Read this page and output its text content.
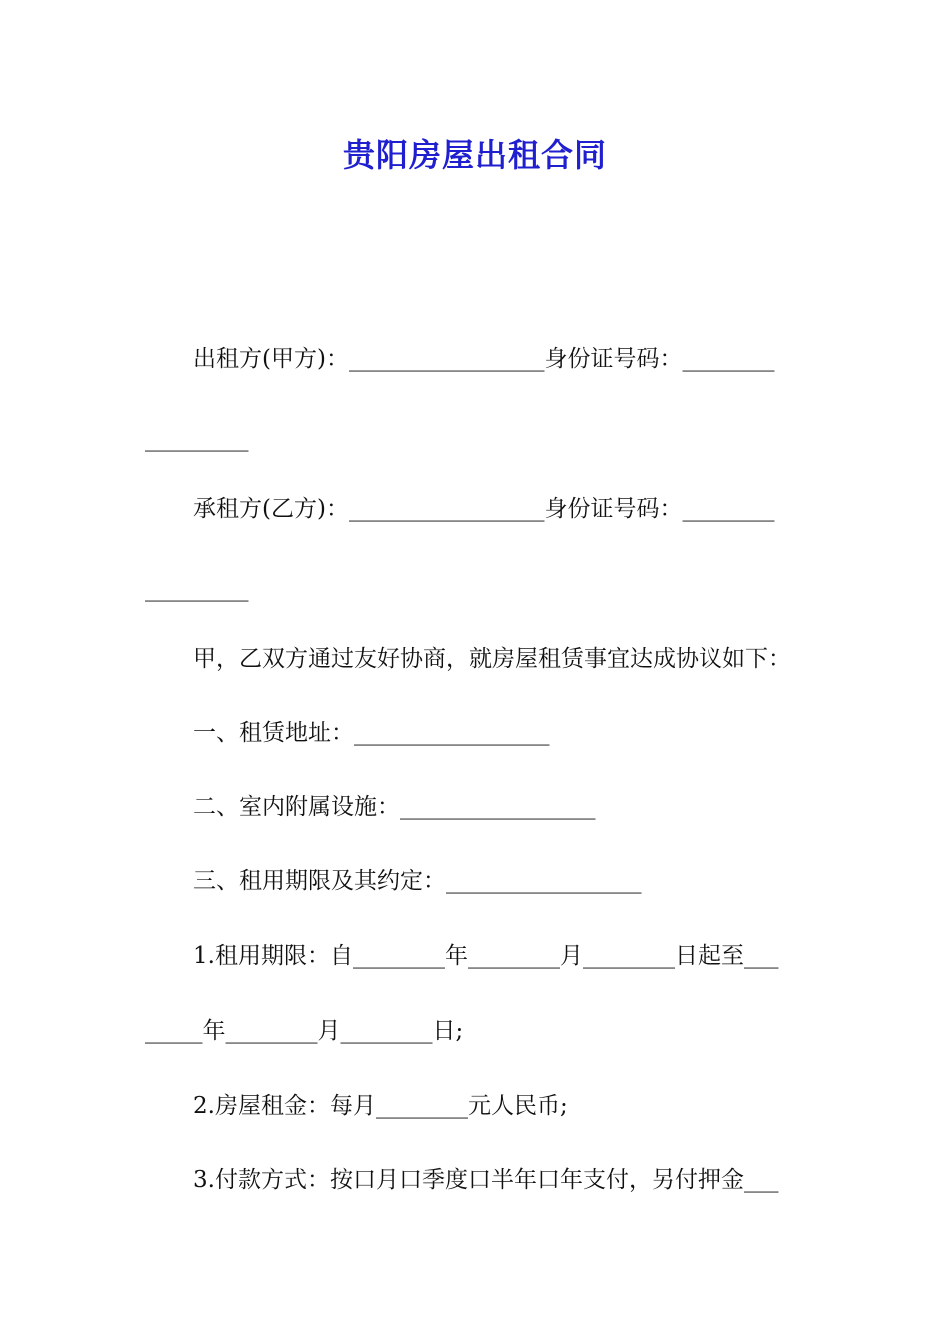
贵阳房屋出租合同
出租方(甲方)：_________________身份证号码：________
_________
承租方(乙方)：_________________身份证号码：________
_________
甲，乙双方通过友好协商，就房屋租赁事宜达成协议如下：
一、租赁地址：_________________
二、室内附属设施：_________________
三、租用期限及其约定：_________________
1.租用期限：自________年________月________日起至___
_____年________月________日;
2.房屋租金：每月________元人民币;
3.付款方式：按口月口季度口半年口年支付，另付押金___
